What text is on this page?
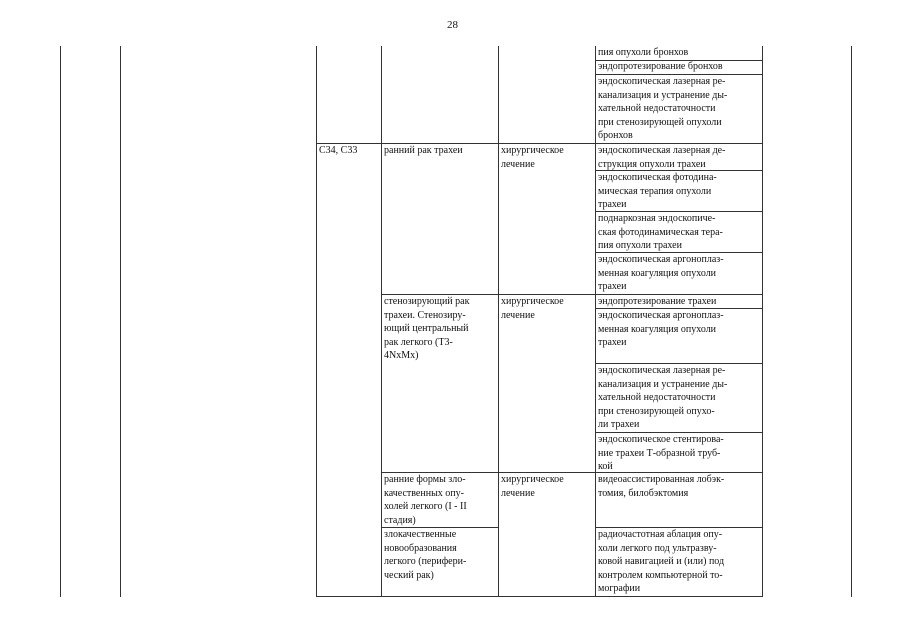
28
пия опухоли бронхов
эндопротезирование бронхов
эндоскопическая лазерная ре-
канализация и устранение ды-
хательной недостаточности
при стенозирующей опухоли
бронхов
С34, С33	ранний рак трахеи	хирургическое
лечение
эндоскопическая лазерная де-
струкция опухоли трахеи
эндоскопическая фотодина-
мическая терапия опухоли
трахеи
поднаркозная эндоскопиче-
ская фотодинамическая тера-
пия опухоли трахеи
эндоскопическая аргоноплаз-
менная коагуляция опухоли
трахеи
стенозирующий рак
трахеи. Стенозиру-
ющий центральный
рак легкого (Т3-
4NxMx)
хирургическое
лечение
эндопротезирование трахеи
эндоскопическая аргоноплаз-
менная коагуляция опухоли
трахеи
эндоскопическая лазерная ре-
канализация и устранение ды-
хательной недостаточности
при стенозирующей опухо-
ли трахеи
эндоскопическое стентирова-
ние трахеи Т-образной труб-
кой
ранние формы зло-
качественных опу-
холей легкого (I - II
стадия)
хирургическое
лечение
видеоассистированная лобэк-
томия, билобэктомия
злокачественные
новообразования
легкого (перифери-
ческий рак)
радиочастотная аблация опу-
холи легкого под ультразву-
ковой навигацией и (или) под
контролем компьютерной то-
мографии
